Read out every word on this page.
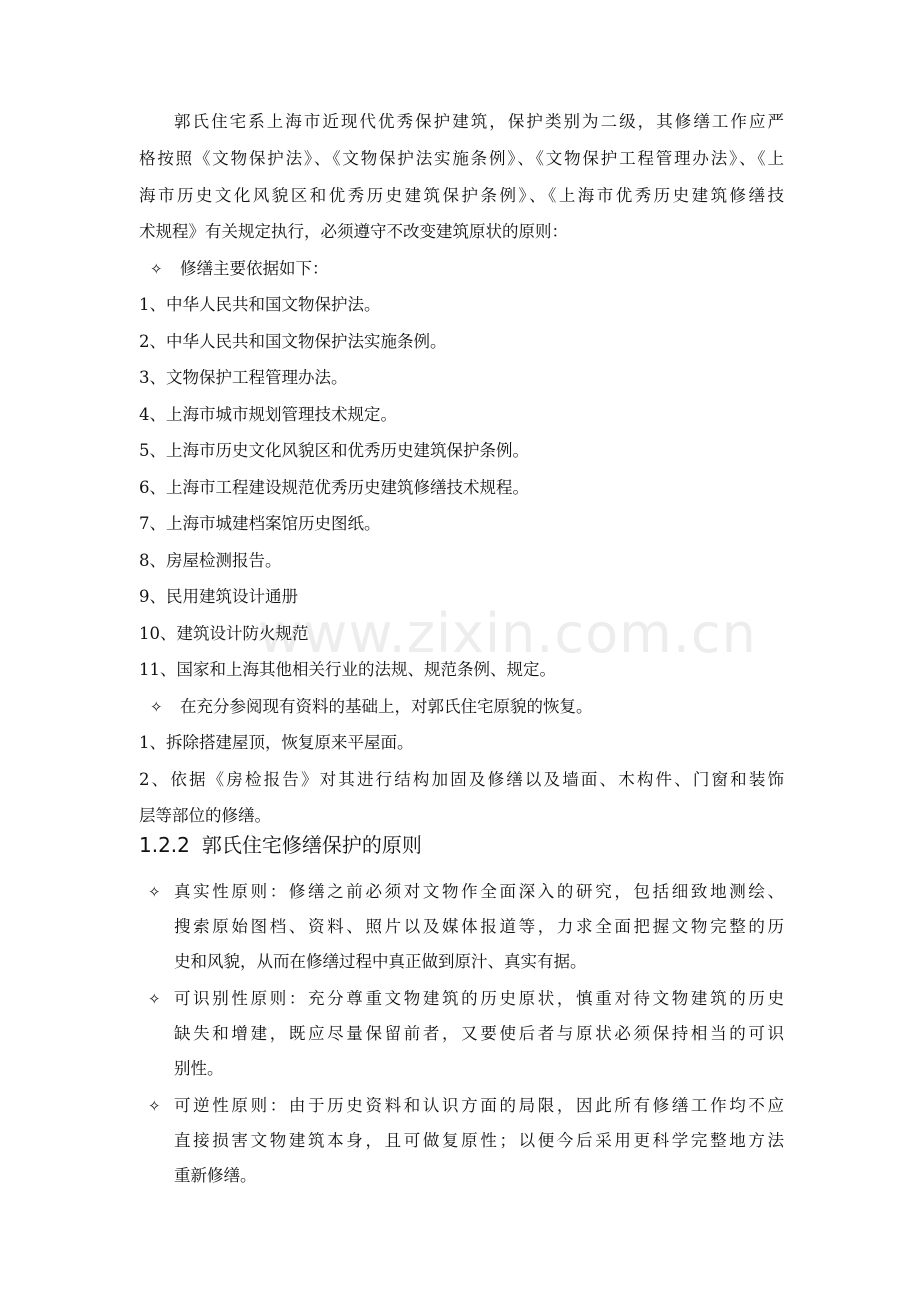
www.zixin.com.cn
郭氏住宅系上海市近现代优秀保护建筑，保护类别为二级，其修缮工作应严
格按照《文物保护法》、《文物保护法实施条例》、《文物保护工程管理办法》、《上
海市历史文化风貌区和优秀历史建筑保护条例》、《上海市优秀历史建筑修缮技
术规程》有关规定执行，必须遵守不改变建筑原状的原则：
✧ 修缮主要依据如下：
1、中华人民共和国文物保护法。
2、中华人民共和国文物保护法实施条例。
3、文物保护工程管理办法。
4、上海市城市规划管理技术规定。
5、上海市历史文化风貌区和优秀历史建筑保护条例。
6、上海市工程建设规范优秀历史建筑修缮技术规程。
7、上海市城建档案馆历史图纸。
8、房屋检测报告。
9、民用建筑设计通册
10、建筑设计防火规范
11、国家和上海其他相关行业的法规、规范条例、规定。
✧ 在充分参阅现有资料的基础上，对郭氏住宅原貌的恢复。
1、拆除搭建屋顶，恢复原来平屋面。
2、依据《房检报告》对其进行结构加固及修缮以及墙面、木构件、门窗和装饰
层等部位的修缮。
1.2.2 郭氏住宅修缮保护的原则
✧ 真实性原则：修缮之前必须对文物作全面深入的研究，包括细致地测绘、
搜索原始图档、资料、照片以及媒体报道等，力求全面把握文物完整的历
史和风貌，从而在修缮过程中真正做到原汁、真实有据。
✧ 可识别性原则：充分尊重文物建筑的历史原状，慎重对待文物建筑的历史
缺失和增建，既应尽量保留前者，又要使后者与原状必须保持相当的可识
别性。
✧ 可逆性原则：由于历史资料和认识方面的局限，因此所有修缮工作均不应
直接损害文物建筑本身，且可做复原性；以便今后采用更科学完整地方法
重新修缮。
